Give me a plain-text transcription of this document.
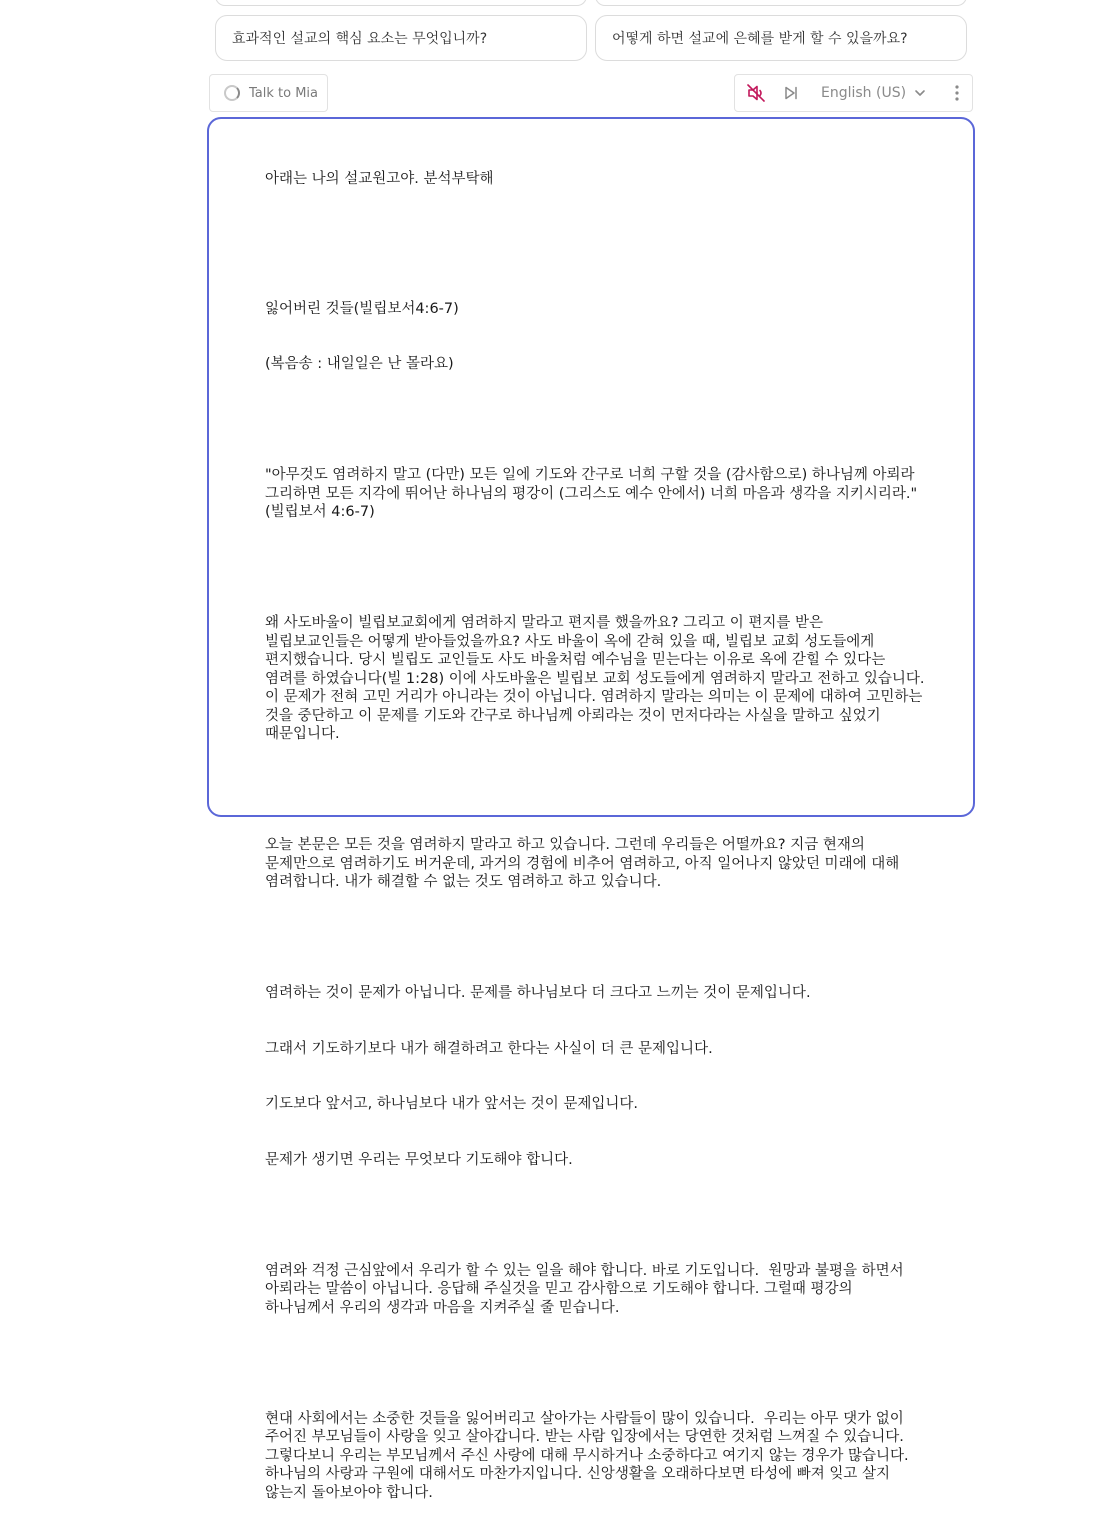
효과적인 설교의 핵심 요소는 무엇입니까?	어떻게 하면 설교에 은혜를 받게 할 수 있을까요?
Talk to Mia	English (US)

아래는 나의 설교원고야. 분석부탁해

잃어버린 것들(빌립보서4:6-7)

(복음송 : 내일일은 난 몰라요)

"아무것도 염려하지 말고 (다만) 모든 일에 기도와 간구로 너희 구할 것을 (감사함으로) 하나님께 아뢰라 그리하면 모든 지각에 뛰어난 하나님의 평강이 (그리스도 예수 안에서) 너희 마음과 생각을 지키시리라." (빌립보서 4:6-7)

왜 사도바울이 빌립보교회에게 염려하지 말라고 편지를 했을까요? 그리고 이 편지를 받은 빌립보교인들은 어떻게 받아들었을까요? 사도 바울이 옥에 갇혀 있을 때, 빌립보 교회 성도들에게 편지했습니다. 당시 빌립도 교인들도 사도 바울처럼 예수님을 믿는다는 이유로 옥에 갇힐 수 있다는 염려를 하였습니다(빌 1:28) 이에 사도바울은 빌립보 교회 성도들에게 염려하지 말라고 전하고 있습니다.  이 문제가 전혀 고민 거리가 아니라는 것이 아닙니다. 염려하지 말라는 의미는 이 문제에 대하여 고민하는 것을 중단하고 이 문제를 기도와 간구로 하나님께 아뢰라는 것이 먼저다라는 사실을 말하고 싶었기 때문입니다.

오늘 본문은 모든 것을 염려하지 말라고 하고 있습니다. 그런데 우리들은 어떨까요? 지금 현재의 문제만으로 염려하기도 버거운데, 과거의 경험에 비추어 염려하고, 아직 일어나지 않았던 미래에 대해 염려합니다. 내가 해결할 수 없는 것도 염려하고 하고 있습니다.

염려하는 것이 문제가 아닙니다. 문제를 하나님보다 더 크다고 느끼는 것이 문제입니다.

그래서 기도하기보다 내가 해결하려고 한다는 사실이 더 큰 문제입니다.

기도보다 앞서고, 하나님보다 내가 앞서는 것이 문제입니다.

문제가 생기면 우리는 무엇보다 기도해야 합니다.

염려와 걱정 근심앞에서 우리가 할 수 있는 일을 해야 합니다. 바로 기도입니다.  원망과 불평을 하면서 아뢰라는 말씀이 아닙니다. 응답해 주실것을 믿고 감사함으로 기도해야 합니다. 그럴때 평강의 하나님께서 우리의 생각과 마음을 지켜주실 줄 믿습니다.

현대 사회에서는 소중한 것들을 잃어버리고 살아가는 사람들이 많이 있습니다.  우리는 아무 댓가 없이 주어진 부모님들이 사랑을 잊고 살아갑니다. 받는 사람 입장에서는 당연한 것처럼 느껴질 수 있습니다. 그렇다보니 우리는 부모님께서 주신 사랑에 대해 무시하거나 소중하다고 여기지 않는 경우가 많습니다.  하나님의 사랑과 구원에 대해서도 마찬가지입니다. 신앙생활을 오래하다보면 타성에 빠져 잊고 살지 않는지 돌아보아야 합니다.
